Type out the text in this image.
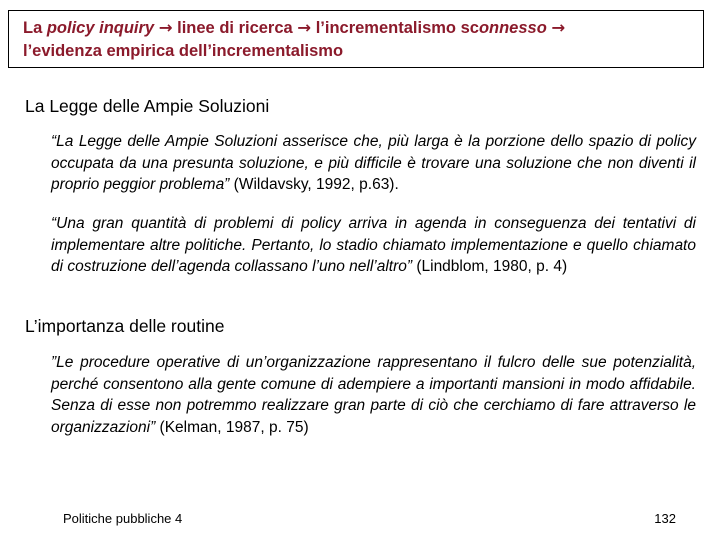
La policy inquiry → linee di ricerca → l’incrementalismo sconnesso →
l’evidenza empirica dell’incrementalismo
La Legge delle Ampie Soluzioni
“La Legge delle Ampie Soluzioni asserisce che, più larga è la porzione dello spazio di policy occupata da una presunta soluzione, e più difficile è trovare una soluzione che non diventi il proprio peggior problema” (Wildavsky, 1992, p.63).
“Una gran quantità di problemi di policy arriva in agenda in conseguenza dei tentativi di implementare altre politiche. Pertanto, lo stadio chiamato implementazione e quello chiamato di costruzione dell’agenda collassano l’uno nell’altro” (Lindblom, 1980, p. 4)
L’importanza delle routine
”Le procedure operative di un’organizzazione rappresentano il fulcro delle sue potenzialità, perché consentono alla gente comune di adempiere a importanti mansioni in modo affidabile. Senza di esse non potremmo realizzare gran parte di ciò che cerchiamo di fare attraverso le organizzazioni” (Kelman, 1987, p. 75)
Politiche pubbliche 4	132
